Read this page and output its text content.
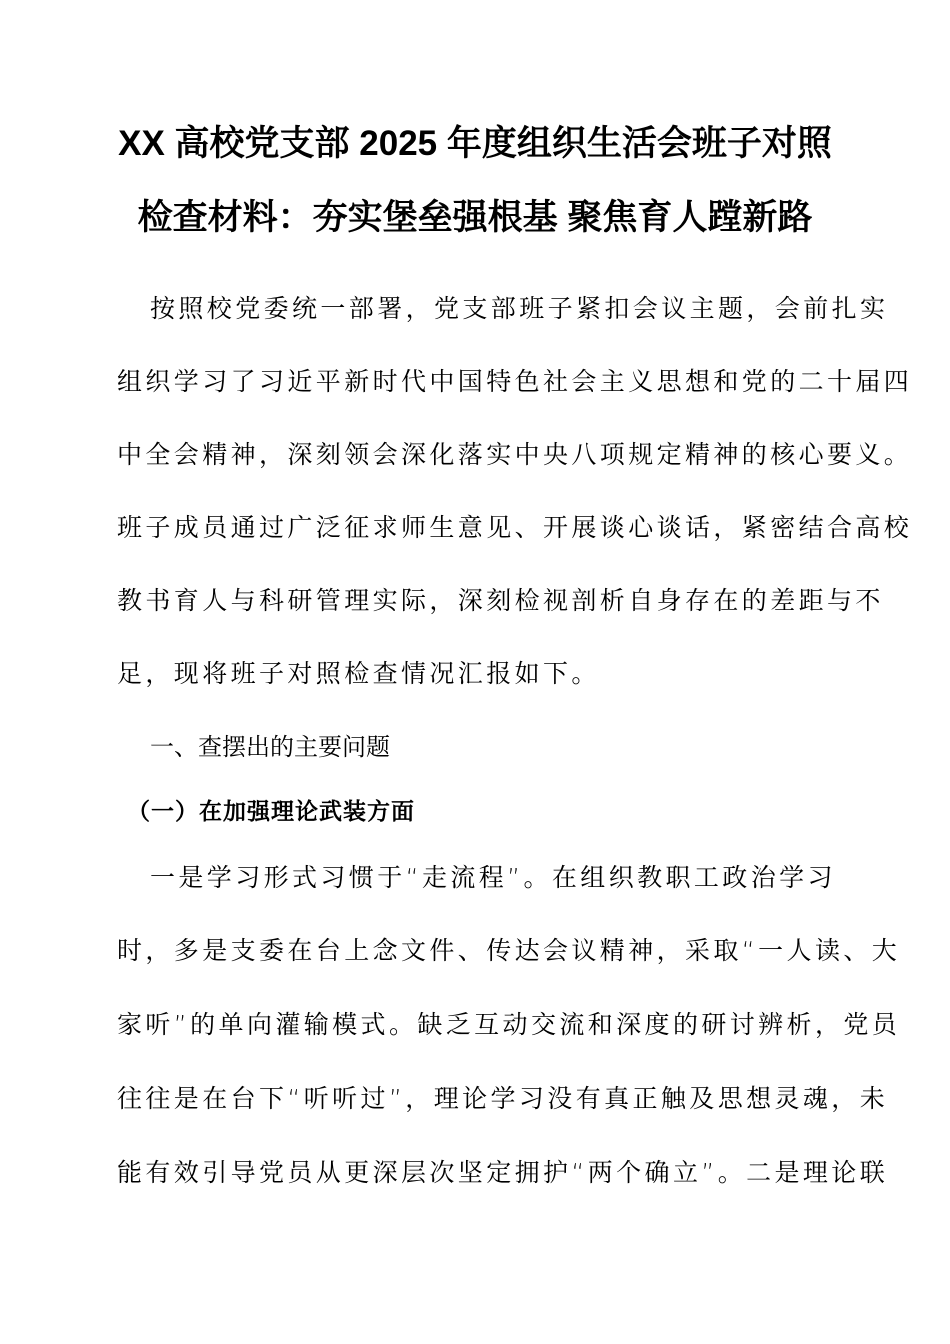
XX 高校党支部 2025 年度组织生活会班子对照
检查材料：夯实堡垒强根基 聚焦育人蹚新路
按照校党委统一部署，党支部班子紧扣会议主题，会前扎实
组织学习了习近平新时代中国特色社会主义思想和党的二十届四
中全会精神，深刻领会深化落实中央八项规定精神的核心要义。
班子成员通过广泛征求师生意见、开展谈心谈话，紧密结合高校
教书育人与科研管理实际，深刻检视剖析自身存在的差距与不
足，现将班子对照检查情况汇报如下。
一、查摆出的主要问题
（一）在加强理论武装方面
一是学习形式习惯于“走流程”。在组织教职工政治学习
时，多是支委在台上念文件、传达会议精神，采取“一人读、大
家听”的单向灌输模式。缺乏互动交流和深度的研讨辨析，党员
往往是在台下“听听过”，理论学习没有真正触及思想灵魂，未
能有效引导党员从更深层次坚定拥护“两个确立”。二是理论联
